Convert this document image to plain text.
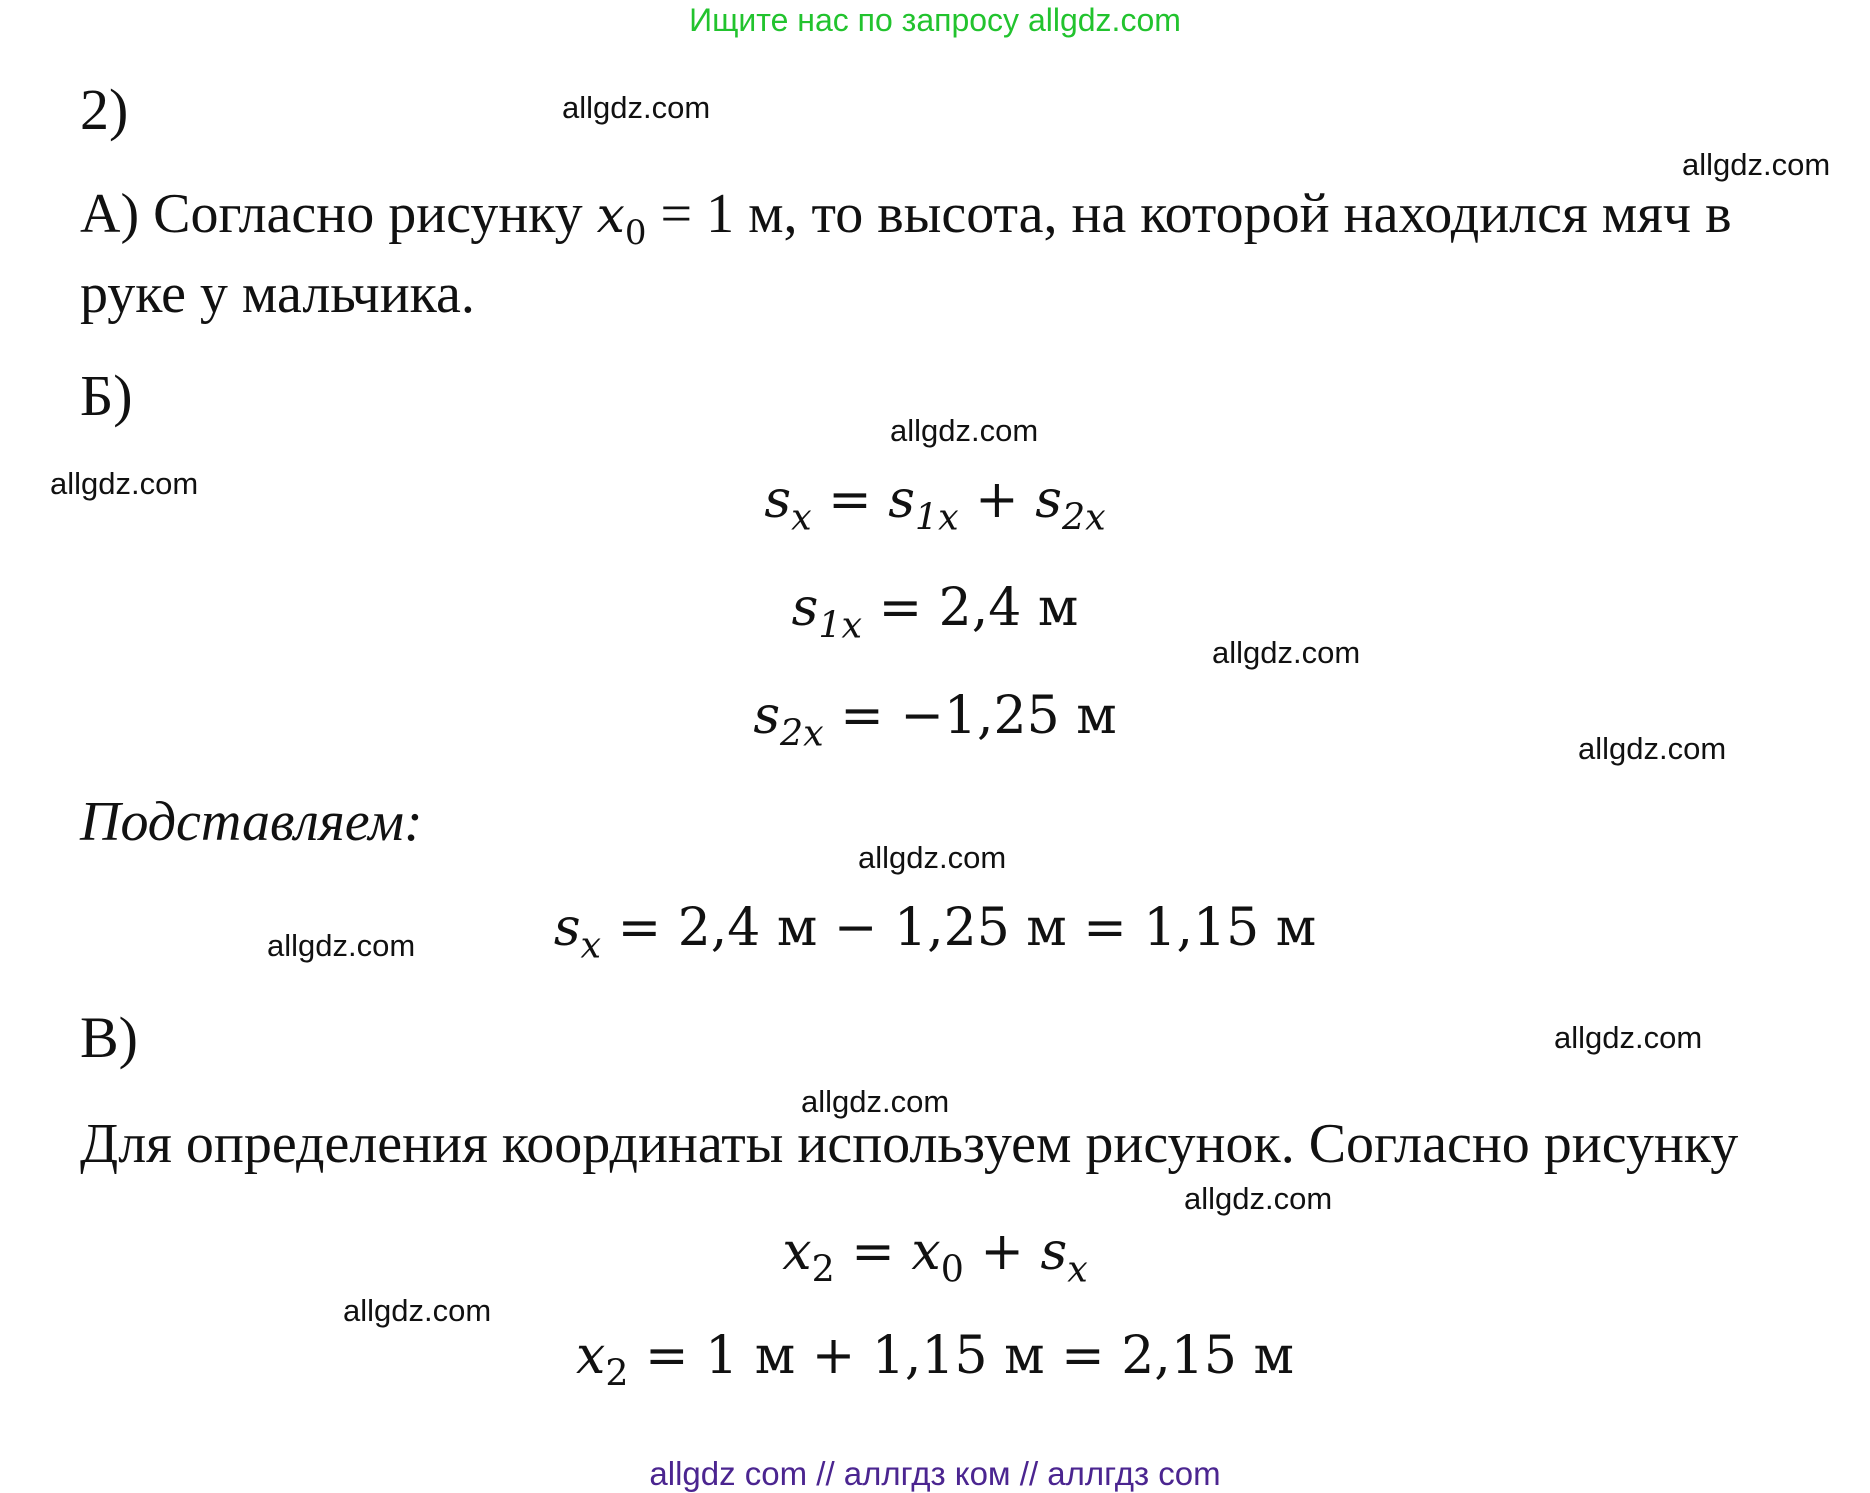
Ищите нас по запросу allgdz.com
allgdz.com
allgdz.com
allgdz.com
allgdz.com
allgdz.com
allgdz.com
allgdz.com
allgdz.com
allgdz.com
allgdz.com
allgdz.com
allgdz.com
2)
А) Согласно рисунку $x_0 = 1$ м, то высота, на которой находился мяч в
руке у мальчика.
Б)
$s_x = s_{1x} + s_{2x}$
$s_{1x} = 2,4$ м
$s_{2x} = -1,25$ м
Подставляем:
$s_x = 2,4$ м − 1,25 м = 1,15 м
В)
Для определения координаты используем рисунок. Согласно рисунку
$x_2 = x_0 + s_x$
$x_2 = 1$ м + 1,15 м = 2,15 м
allgdz com // аллгдз ком // аллгдз com
